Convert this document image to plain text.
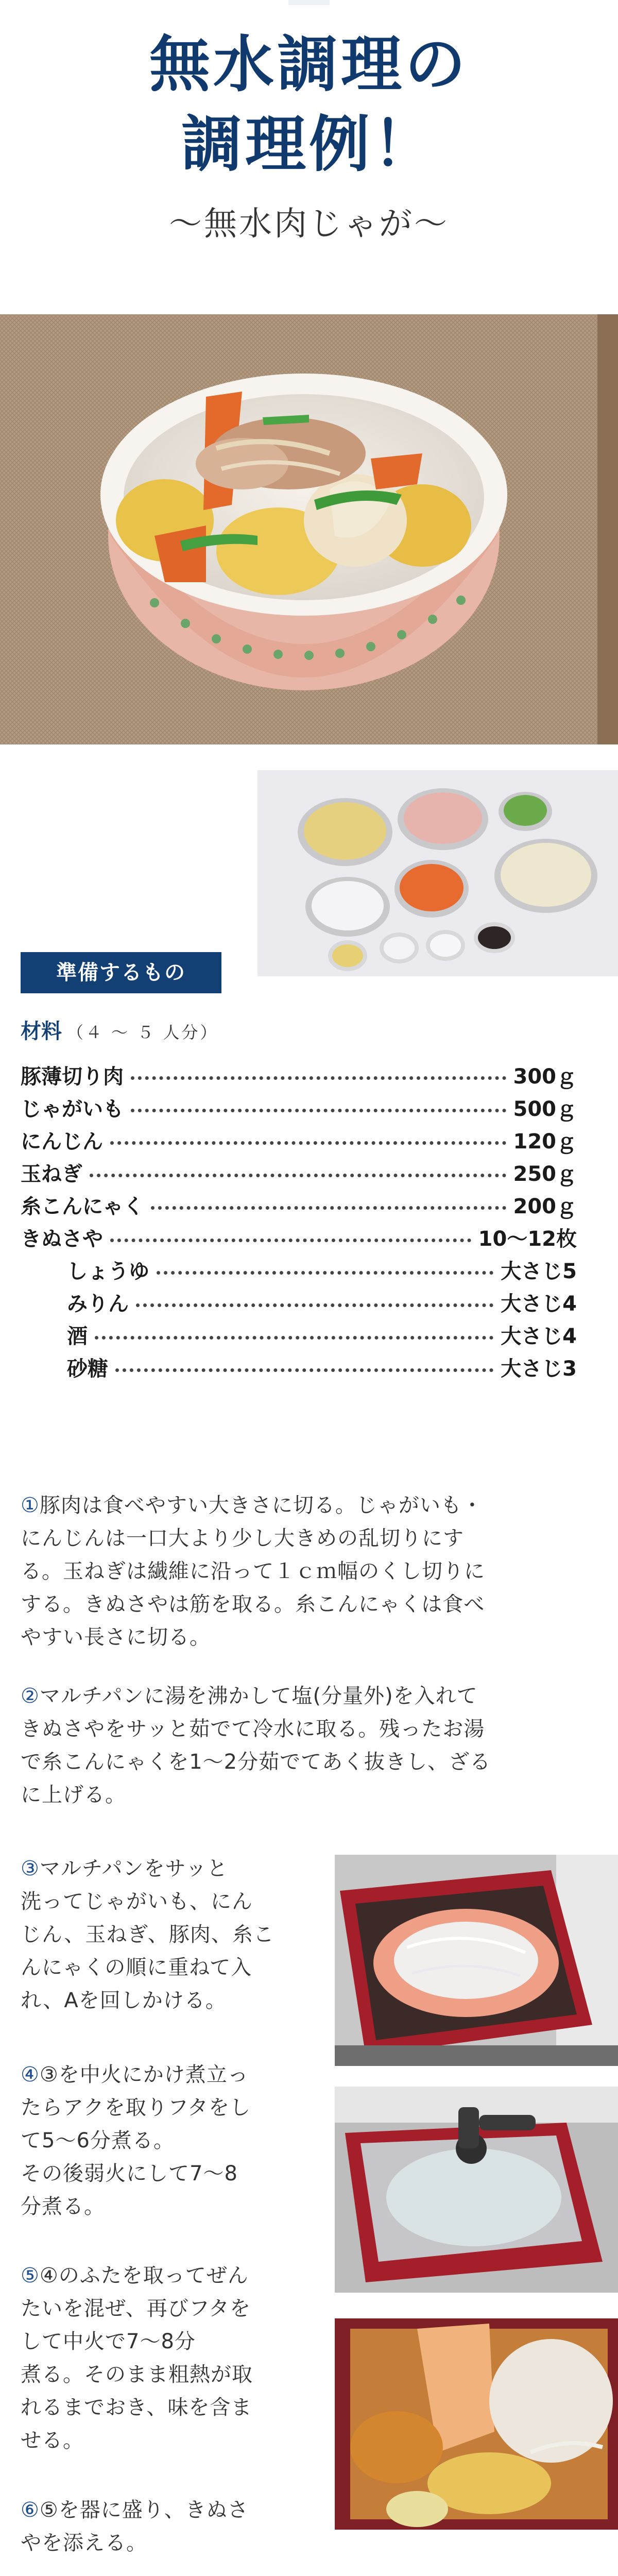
無水調理の
調理例！
〜無水肉じゃが〜
準備するもの
材料 （４ 〜 ５ 人分）
豚薄切り肉	300ｇ
じゃがいも	500ｇ
にんじん	120ｇ
玉ねぎ	250ｇ
糸こんにゃく	200ｇ
きぬさや	10〜12枚
しょうゆ	大さじ5
みりん	大さじ4
酒	大さじ4
砂糖	大さじ3
①豚肉は食べやすい大きさに切る。じゃがいも・
にんじんは一口大より少し大きめの乱切りにす
る。玉ねぎは繊維に沿って１ｃｍ幅のくし切りに
する。きぬさやは筋を取る。糸こんにゃくは食べ
やすい長さに切る。
②マルチパンに湯を沸かして塩(分量外)を入れて
きぬさやをサッと茹でて冷水に取る。残ったお湯
で糸こんにゃくを1〜2分茹でてあく抜きし、ざる
に上げる。
③マルチパンをサッと
洗ってじゃがいも、にん
じん、玉ねぎ、豚肉、糸こ
んにゃくの順に重ねて入
れ、Aを回しかける。
④③を中火にかけ煮立っ
たらアクを取りフタをし
て5〜6分煮る。
その後弱火にして7〜8
分煮る。
⑤④のふたを取ってぜん
たいを混ぜ、再びフタを
して中火で7〜8分
煮る。そのまま粗熱が取
れるまでおき、味を含ま
せる。
⑥⑤を器に盛り、きぬさ
やを添える。
